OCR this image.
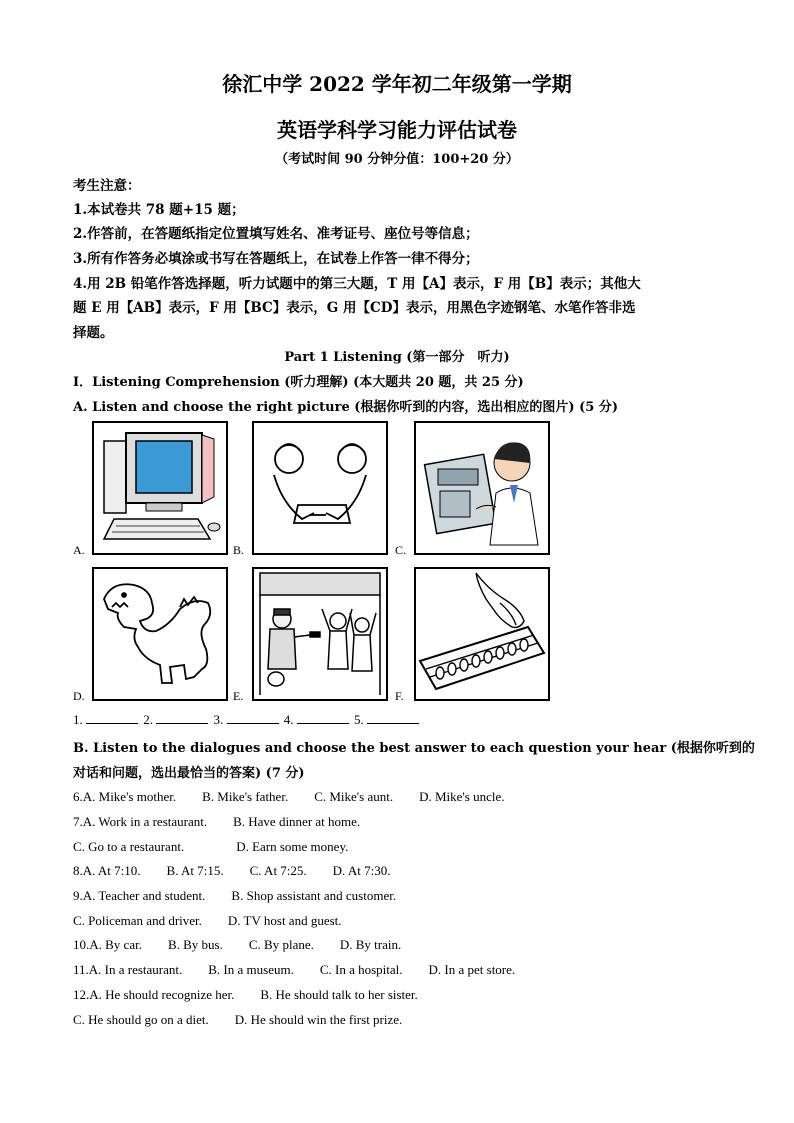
徐汇中学 2022 学年初二年级第一学期
英语学科学习能力评估试卷
（考试时间 90 分钟分值：100+20 分）
考生注意：
1.本试卷共 78 题+15 题；
2.作答前，在答题纸指定位置填写姓名、准考证号、座位号等信息；
3.所有作答务必填涂或书写在答题纸上，在试卷上作答一律不得分；
4.用 2B 铅笔作答选择题，听力试题中的第三大题，T 用【A】表示，F 用【B】表示；其他大
题 E 用【AB】表示，F 用【BC】表示，G 用【CD】表示，用黑色字迹钢笔、水笔作答非选
择题。
Part 1 Listening (第一部分　听力)
I．Listening Comprehension (听力理解) (本大题共 20 题，共 25 分)
A. Listen and choose the right picture (根据你听到的内容，选出相应的图片) (5 分)
A.	B.	C.
D.	E.	F.
1.	2.	3.	4.	5.
B. Listen to the dialogues and choose the best answer to each question your hear (根据你听到的
对话和问题，选出最恰当的答案) (7 分)
6.A. Mike's mother.　　B. Mike's father.　　C. Mike's aunt.　　D. Mike's uncle.
7.A. Work in a restaurant.　　B. Have dinner at home.
C. Go to a restaurant.　　　　D. Earn some money.
8.A. At 7:10.　　B. At 7:15.　　C. At 7:25.　　D. At 7:30.
9.A. Teacher and student.　　B. Shop assistant and customer.
C. Policeman and driver.　　D. TV host and guest.
10.A. By car.　　B. By bus.　　C. By plane.　　D. By train.
11.A. In a restaurant.　　B. In a museum.　　C. In a hospital.　　D. In a pet store.
12.A. He should recognize her.　　B. He should talk to her sister.
C. He should go on a diet.　　D. He should win the first prize.
